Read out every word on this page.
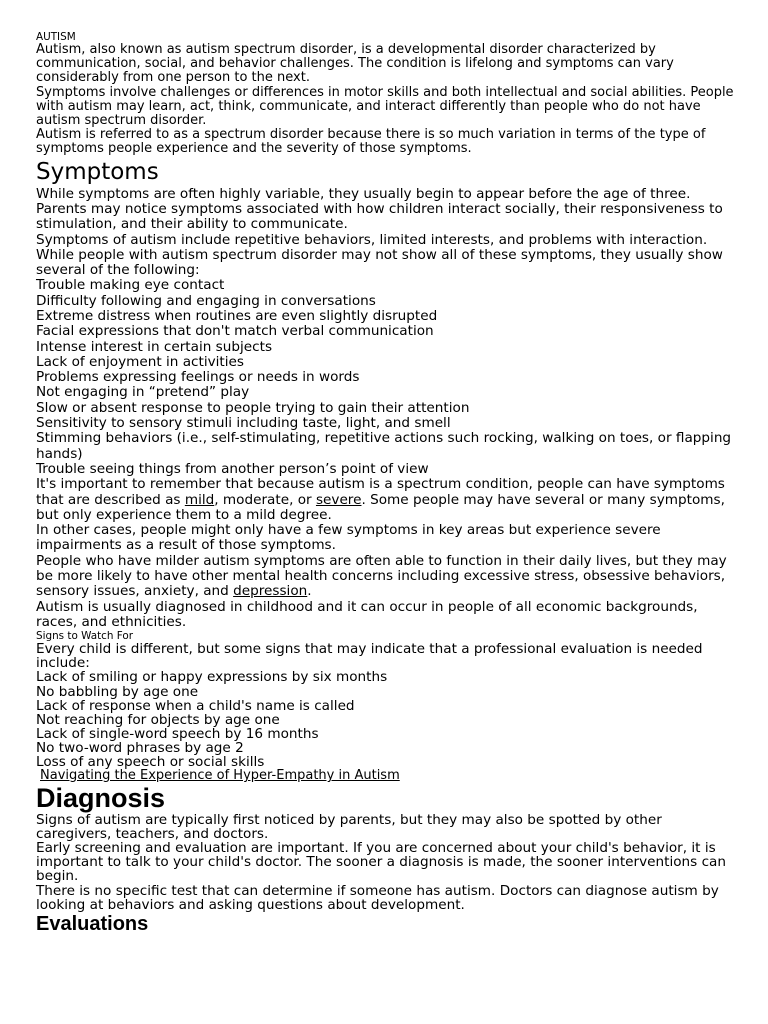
AUTISM

Autism, also known as autism spectrum disorder, is a developmental disorder characterized by communication, social, and behavior challenges. The condition is lifelong and symptoms can vary considerably from one person to the next.

Symptoms involve challenges or differences in motor skills and both intellectual and social abilities. People with autism may learn, act, think, communicate, and interact differently than people who do not have autism spectrum disorder.

Autism is referred to as a spectrum disorder because there is so much variation in terms of the type of symptoms people experience and the severity of those symptoms.

Symptoms

While symptoms are often highly variable, they usually begin to appear before the age of three. Parents may notice symptoms associated with how children interact socially, their responsiveness to stimulation, and their ability to communicate.

Symptoms of autism include repetitive behaviors, limited interests, and problems with interaction.

While people with autism spectrum disorder may not show all of these symptoms, they usually show several of the following:

Trouble making eye contact
Difficulty following and engaging in conversations
Extreme distress when routines are even slightly disrupted
Facial expressions that don't match verbal communication
Intense interest in certain subjects
Lack of enjoyment in activities
Problems expressing feelings or needs in words
Not engaging in “pretend” play
Slow or absent response to people trying to gain their attention
Sensitivity to sensory stimuli including taste, light, and smell
Stimming behaviors (i.e., self-stimulating, repetitive actions such rocking, walking on toes, or flapping hands)
Trouble seeing things from another person’s point of view

It's important to remember that because autism is a spectrum condition, people can have symptoms that are described as mild, moderate, or severe. Some people may have several or many symptoms, but only experience them to a mild degree.

In other cases, people might only have a few symptoms in key areas but experience severe impairments as a result of those symptoms.

People who have milder autism symptoms are often able to function in their daily lives, but they may be more likely to have other mental health concerns including excessive stress, obsessive behaviors, sensory issues, anxiety, and depression.

Autism is usually diagnosed in childhood and it can occur in people of all economic backgrounds, races, and ethnicities.

Signs to Watch For

Every child is different, but some signs that may indicate that a professional evaluation is needed include:

Lack of smiling or happy expressions by six months
No babbling by age one
Lack of response when a child's name is called
Not reaching for objects by age one
Lack of single-word speech by 16 months
No two-word phrases by age 2
Loss of any speech or social skills

Navigating the Experience of Hyper-Empathy in Autism

Diagnosis

Signs of autism are typically first noticed by parents, but they may also be spotted by other caregivers, teachers, and doctors.

Early screening and evaluation are important. If you are concerned about your child's behavior, it is important to talk to your child's doctor. The sooner a diagnosis is made, the sooner interventions can begin.

There is no specific test that can determine if someone has autism. Doctors can diagnose autism by looking at behaviors and asking questions about development.

Evaluations
